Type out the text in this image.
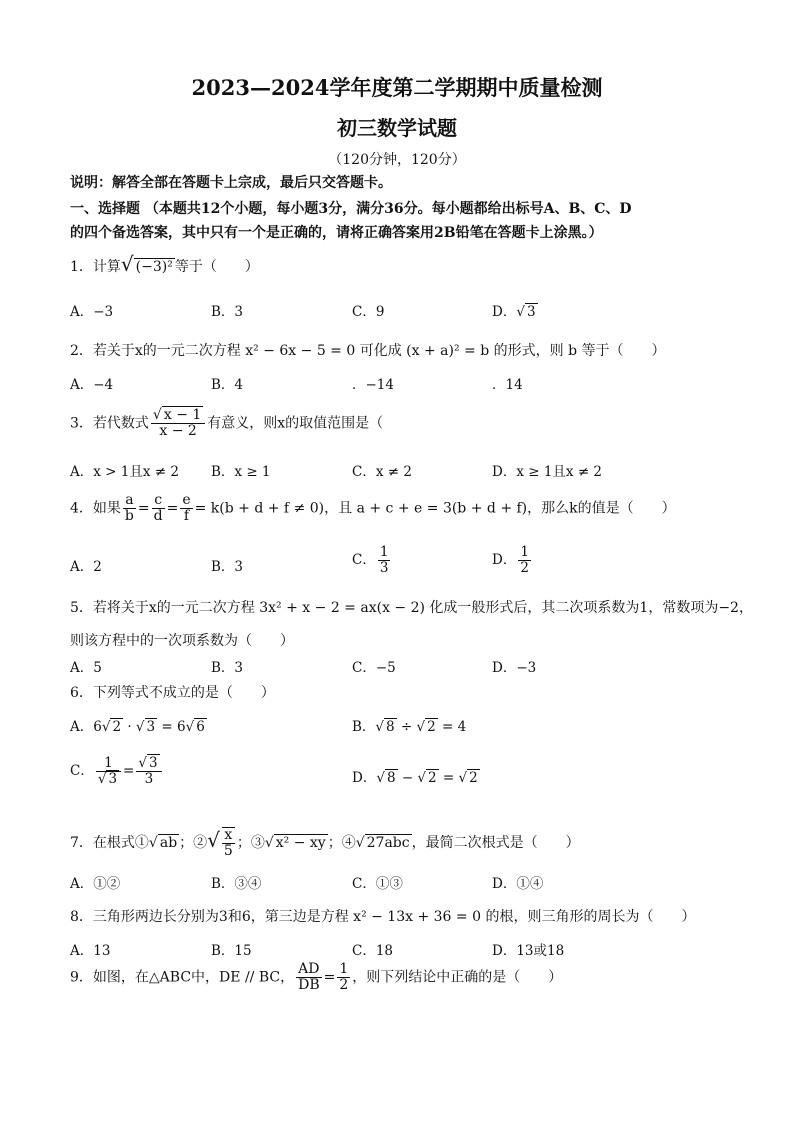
2023—2024学年度第二学期期中质量检测
初三数学试题
（120分钟，120分）
说明：解答全部在答题卡上宗成，最后只交答题卡。
一、选择题 （本题共12个小题，每小题3分，满分36分。每小题都给出标号A、B、C、D
的四个备选答案，其中只有一个是正确的，请将正确答案用2B铅笔在答题卡上涂黑。）
1．计算√ (−3)² 等于（　　）
A．−3	B．3	C．9	D．√ 3
2．若关于x的一元二次方程 x² − 6x − 5 = 0 可化成 (x + a)² = b 的形式，则 b 等于（　　）
A．−4	B．4	．−14	．14
3．若代数式 $\frac{√ x - 1}{x - 2}$ 有意义，则x的取值范围是（
A．x > 1且x ≠ 2 B．x ≥ 1	C．x ≠ 2	D．x ≥ 1且x ≠ 2
4．如果 $\frac{a}{b} = \frac{c}{d} = \frac{e}{f} = k(b + d + f \ne 0)$，且 a + c + e = 3(b + d + f)，那么k的值是（　　）
A．2	B．3	C． $\frac{1}{3}$	D． $\frac{1}{2}$
5．若将关于x的一元二次方程 3x² + x − 2 = ax(x − 2) 化成一般形式后，其二次项系数为1，常数项为−2，
则该方程中的一次项系数为（　　）
A．5	B．3	C．−5	D．−3
6．下列等式不成立的是（　　）
A．6√ 2 · √ 3 = 6√ 6	B．√ 8 ÷ √ 2 = 4
C． $\frac{1}{√ 3} = \frac{√ 3}{3}$	D．√ 8 − √ 2 = √ 2
7．在根式①√ ab ；②√ $\frac{x}{5}$ ；③√ x² − xy ；④√ 27abc ，最简二次根式是（　　）
A．①②	B．③④	C．①③	D．①④
8．三角形两边长分别为3和6，第三边是方程 x² − 13x + 36 = 0 的根，则三角形的周长为（　　）
A．13	B．15	C．18	D．13或18
9．如图，在△ABC中，DE // BC， $\frac{AD}{DB} = \frac{1}{2}$ ，则下列结论中正确的是（　　）
